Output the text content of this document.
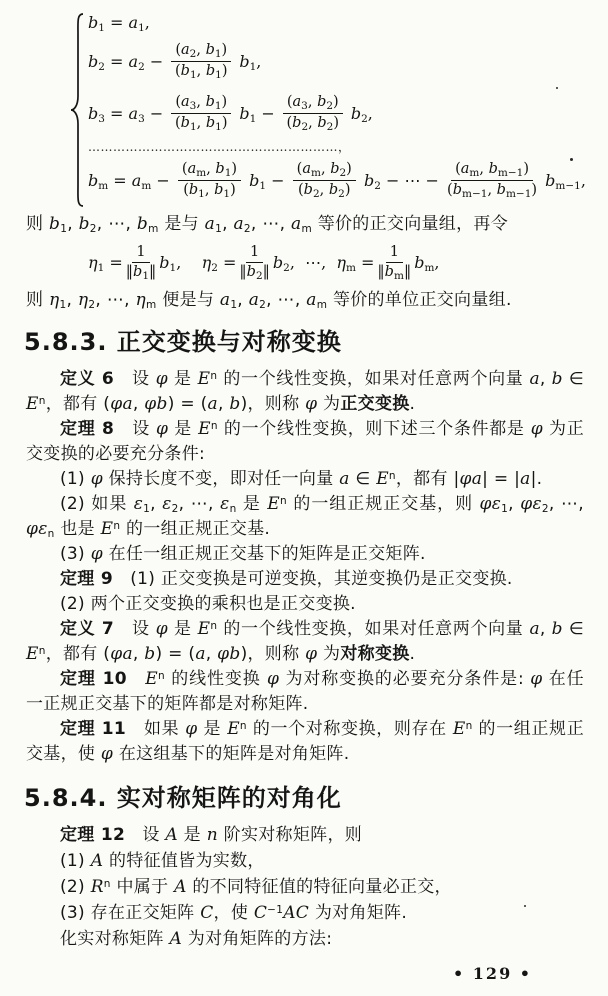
$b_1 = a_1$,
$b_2 = a_2 - \frac{(a_2, b_1)}{(b_1, b_1)} b_1$,
$b_3 = a_3 - \frac{(a_3, b_1)}{(b_1, b_1)} b_1 - \frac{(a_3, b_2)}{(b_2, b_2)} b_2$,
……………………………………………………，
$b_m = a_m - \frac{(a_m, b_1)}{(b_1, b_1)} b_1 - \frac{(a_m, b_2)}{(b_2, b_2)} b_2$ − ⋯ − $\frac{(a_m, b_{m-1})}{(b_{m-1}, b_{m-1})} b_{m-1}$,

则 $b_1$, $b_2$, ⋯, $b_m$ 是与 $a_1$, $a_2$, ⋯, $a_m$ 等价的正交向量组，再令

$\eta_1 = \frac{1}{‖b_1‖} b_1$,    $\eta_2 = \frac{1}{‖b_2‖} b_2$,  ⋯,  $\eta_m = \frac{1}{‖b_m‖} b_m$,

则 $\eta_1$, $\eta_2$, ⋯, $\eta_m$ 便是与 $a_1$, $a_2$, ⋯, $a_m$ 等价的单位正交向量组.

5.8.3. 正交变换与对称变换

定义 6　设 φ 是 $E^n$ 的一个线性变换，如果对任意两个向量 a, b ∈ $E^n$，都有 (φa, φb) = (a, b)，则称 φ 为正交变换.

定理 8　设 φ 是 $E^n$ 的一个线性变换，则下述三个条件都是 φ 为正交变换的必要充分条件:

(1) φ 保持长度不变，即对任一向量 a ∈ $E^n$，都有 |φa| = |a|.

(2) 如果 $\varepsilon_1$, $\varepsilon_2$, ⋯, $\varepsilon_n$ 是 $E^n$ 的一组正规正交基，则 $\varphi\varepsilon_1$, $\varphi\varepsilon_2$, ⋯, $\varphi\varepsilon_n$ 也是 $E^n$ 的一组正规正交基.

(3) φ 在任一组正规正交基下的矩阵是正交矩阵.

定理 9　(1) 正交变换是可逆变换，其逆变换仍是正交变换.

(2) 两个正交变换的乘积也是正交变换.

定义 7　设 φ 是 $E^n$ 的一个线性变换，如果对任意两个向量 a, b ∈ $E^n$，都有 (φa, b) = (a, φb)，则称 φ 为对称变换.

定理 10　 $E^n$ 的线性变换 φ 为对称变换的必要充分条件是: φ 在任一正规正交基下的矩阵都是对称矩阵.

定理 11　如果 φ 是 $E^n$ 的一个对称变换，则存在 $E^n$ 的一组正规正交基，使 φ 在这组基下的矩阵是对角矩阵.

5.8.4. 实对称矩阵的对角化

定理 12　设 A 是 n 阶实对称矩阵，则

(1) A 的特征值皆为实数，

(2) $R^n$ 中属于 A 的不同特征值的特征向量必正交，

(3) 存在正交矩阵 C，使 $C^{-1}AC$ 为对角矩阵.

化实对称矩阵 A 为对角矩阵的方法:

• 129 •
